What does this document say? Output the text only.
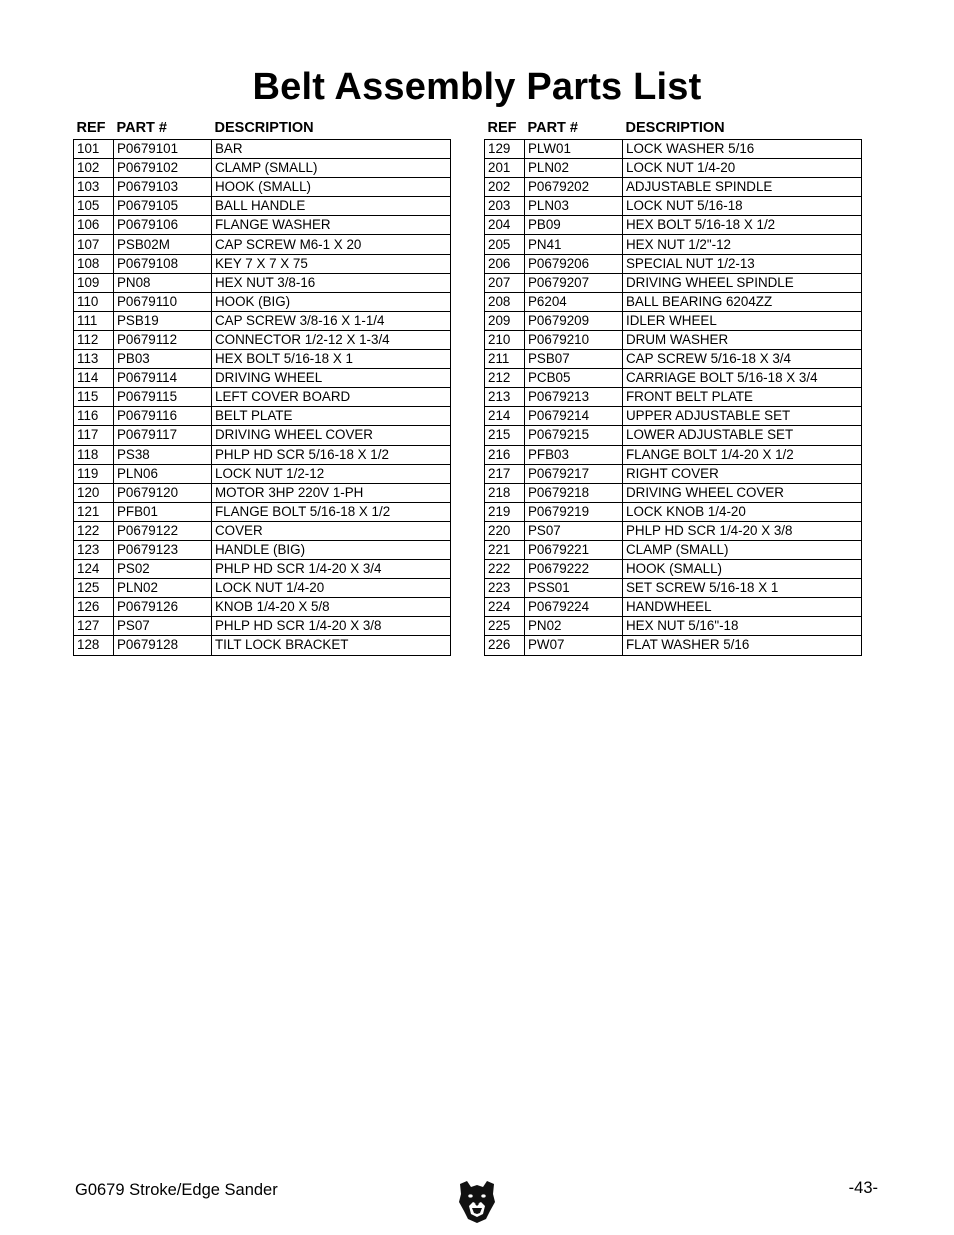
Belt Assembly Parts List
REF	PART #	DESCRIPTION
101	P0679101	BAR
102	P0679102	CLAMP (SMALL)
103	P0679103	HOOK (SMALL)
105	P0679105	BALL HANDLE
106	P0679106	FLANGE WASHER
107	PSB02M	CAP SCREW M6-1 X 20
108	P0679108	KEY 7 X 7 X 75
109	PN08	HEX NUT 3/8-16
110	P0679110	HOOK (BIG)
111	PSB19	CAP SCREW 3/8-16 X 1-1/4
112	P0679112	CONNECTOR 1/2-12 X 1-3/4
113	PB03	HEX BOLT 5/16-18 X 1
114	P0679114	DRIVING WHEEL
115	P0679115	LEFT COVER BOARD
116	P0679116	BELT PLATE
117	P0679117	DRIVING WHEEL COVER
118	PS38	PHLP HD SCR 5/16-18 X 1/2
119	PLN06	LOCK NUT 1/2-12
120	P0679120	MOTOR 3HP 220V 1-PH
121	PFB01	FLANGE BOLT 5/16-18 X 1/2
122	P0679122	COVER
123	P0679123	HANDLE (BIG)
124	PS02	PHLP HD SCR 1/4-20 X 3/4
125	PLN02	LOCK NUT 1/4-20
126	P0679126	KNOB 1/4-20 X 5/8
127	PS07	PHLP HD SCR 1/4-20 X 3/8
128	P0679128	TILT LOCK BRACKET
REF	PART #	DESCRIPTION
129	PLW01	LOCK WASHER 5/16
201	PLN02	LOCK NUT 1/4-20
202	P0679202	ADJUSTABLE SPINDLE
203	PLN03	LOCK NUT 5/16-18
204	PB09	HEX BOLT 5/16-18 X 1/2
205	PN41	HEX NUT 1/2"-12
206	P0679206	SPECIAL NUT 1/2-13
207	P0679207	DRIVING WHEEL SPINDLE
208	P6204	BALL BEARING 6204ZZ
209	P0679209	IDLER WHEEL
210	P0679210	DRUM WASHER
211	PSB07	CAP SCREW 5/16-18 X 3/4
212	PCB05	CARRIAGE BOLT 5/16-18 X 3/4
213	P0679213	FRONT BELT PLATE
214	P0679214	UPPER ADJUSTABLE SET
215	P0679215	LOWER ADJUSTABLE SET
216	PFB03	FLANGE BOLT 1/4-20 X 1/2
217	P0679217	RIGHT COVER
218	P0679218	DRIVING WHEEL COVER
219	P0679219	LOCK KNOB 1/4-20
220	PS07	PHLP HD SCR 1/4-20 X 3/8
221	P0679221	CLAMP (SMALL)
222	P0679222	HOOK (SMALL)
223	PSS01	SET SCREW 5/16-18 X 1
224	P0679224	HANDWHEEL
225	PN02	HEX NUT 5/16"-18
226	PW07	FLAT WASHER 5/16
G0679 Stroke/Edge Sander	-43-
